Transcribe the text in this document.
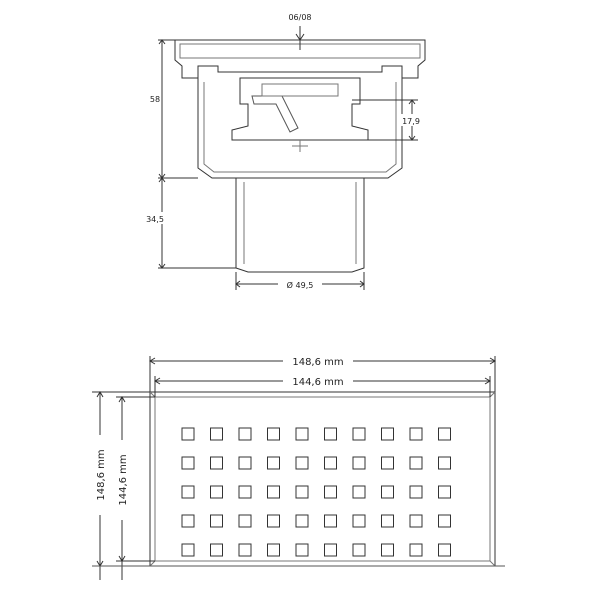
06/08
58
17,9
34,5
Ø 49,5
148,6 mm
144,6 mm
148,6 mm 144,6 mm
